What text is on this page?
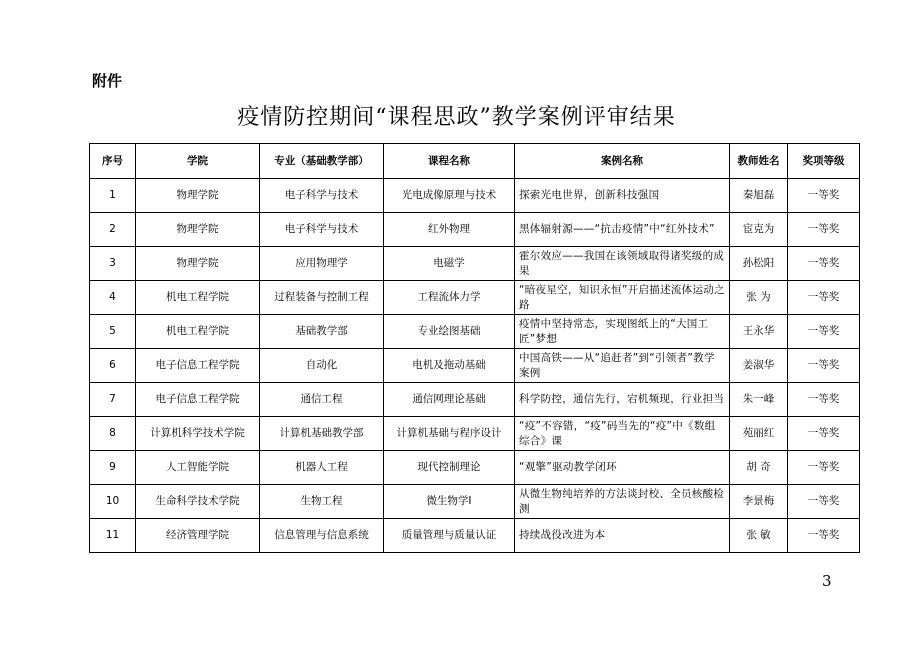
附件
疫情防控期间“课程思政”教学案例评审结果
序号	学院	专业（基础教学部）	课程名称	案例名称	教师姓名	奖项等级
1	物理学院	电子科学与技术	光电成像原理与技术	探索光电世界，创新科技强国	秦旭磊	一等奖
2	物理学院	电子科学与技术	红外物理	黑体辐射源——“抗击疫情”中“红外技术”	宦克为	一等奖
3	物理学院	应用物理学	电磁学	霍尔效应——我国在该领域取得诸奖级的成果	孙松阳	一等奖
4	机电工程学院	过程装备与控制工程	工程流体力学	“暗夜星空，知识永恒”开启描述流体运动之路	张 为	一等奖
5	机电工程学院	基础教学部	专业绘图基础	疫情中坚持常态，实现图纸上的“大国工匠”梦想	王永华	一等奖
6	电子信息工程学院	自动化	电机及拖动基础	中国高铁——从“追赶者”到“引领者”教学案例	姜淑华	一等奖
7	电子信息工程学院	通信工程	通信网理论基础	科学防控，通信先行，宕机频现，行业担当	朱一峰	一等奖
8	计算机科学技术学院	计算机基础教学部	计算机基础与程序设计	“疫”不容错，“疫”码当先的“疫”中《数组综合》课	苑丽红	一等奖
9	人工智能学院	机器人工程	现代控制理论	“观擎”驱动教学闭环	胡 奇	一等奖
10	生命科学技术学院	生物工程	微生物学Ⅰ	从微生物纯培养的方法谈封校、全员核酸检测	李景梅	一等奖
11	经济管理学院	信息管理与信息系统	质量管理与质量认证	持续战役改进为本	张 敏	一等奖
3
